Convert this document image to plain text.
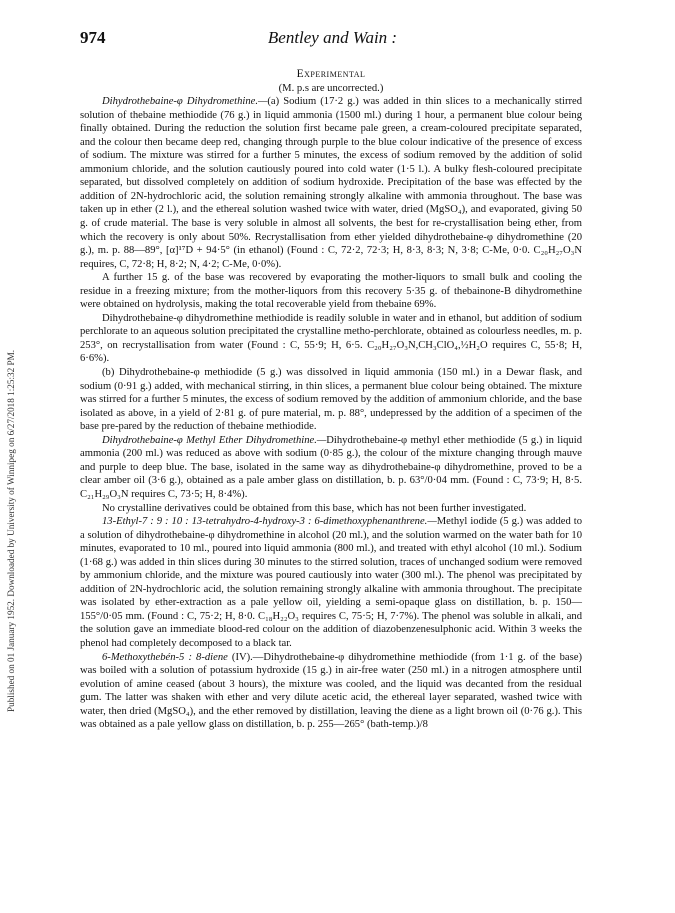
Published on 01 January 1952. Downloaded by University of Winnipeg on 6/27/2018 1:25:32 PM.
974	Bentley and Wain :

Experimental

(M. p.s are uncorrected.)

Dihydrothebaine-φ Dihydromethine.—(a) Sodium (17·2 g.) was added in thin slices to a mechanically stirred solution of thebaine methiodide (76 g.) in liquid ammonia (1500 ml.) during 1 hour, a permanent blue colour being finally obtained. During the reduction the solution first became pale green, a cream-coloured precipitate separated, and the colour then became deep red, changing through purple to the blue colour indicative of the presence of excess of sodium. The mixture was stirred for a further 5 minutes, the excess of sodium removed by the addition of solid ammonium chloride, and the solution cautiously poured into cold water (1·5 l.). A bulky flesh-coloured precipitate separated, but dissolved completely on addition of sodium hydroxide. Precipitation of the base was effected by the addition of 2N-hydrochloric acid, the solution remaining strongly alkaline with ammonia throughout. The base was taken up in ether (2 l.), and the ethereal solution washed twice with water, dried (MgSO₄), and evaporated, giving 50 g. of crude material. The base is very soluble in almost all solvents, the best for re-crystallisation being ether, from which the recovery is only about 50%. Recrystallisation from ether yielded dihydrothebaine-φ dihydromethine (20 g.), m. p. 88—89°, [α]¹⁷D + 94·5° (in ethanol) (Found : C, 72·2, 72·3; H, 8·3, 8·3; N, 3·8; C-Me, 0·0. C₂₀H₂₇O₃N requires, C, 72·8; H, 8·2; N, 4·2; C-Me, 0·0%).

A further 15 g. of the base was recovered by evaporating the mother-liquors to small bulk and cooling the residue in a freezing mixture; from the mother-liquors from this recovery 5·35 g. of thebainone-B dihydromethine were obtained on hydrolysis, making the total recoverable yield from thebaine 69%.

Dihydrothebaine-φ dihydromethine methiodide is readily soluble in water and in ethanol, but addition of sodium perchlorate to an aqueous solution precipitated the crystalline metho-perchlorate, obtained as colourless needles, m. p. 253°, on recrystallisation from water (Found : C, 55·9; H, 6·5. C₂₀H₂₇O₃N,CH₃ClO₄,½H₂O requires C, 55·8; H, 6·6%).

(b) Dihydrothebaine-φ methiodide (5 g.) was dissolved in liquid ammonia (150 ml.) in a Dewar flask, and sodium (0·91 g.) added, with mechanical stirring, in thin slices, a permanent blue colour being obtained. The mixture was stirred for a further 5 minutes, the excess of sodium removed by the addition of ammonium chloride, and the base isolated as above, in a yield of 2·81 g. of pure material, m. p. 88°, undepressed by the addition of a specimen of the base pre-pared by the reduction of thebaine methiodide.

Dihydrothebaine-φ Methyl Ether Dihydromethine.—Dihydrothebaine-φ methyl ether methiodide (5 g.) in liquid ammonia (200 ml.) was reduced as above with sodium (0·85 g.), the colour of the mixture changing through mauve and purple to deep blue. The base, isolated in the same way as dihydrothebaine-φ dihydromethine, proved to be a clear amber oil (3·6 g.), obtained as a pale amber glass on distillation, b. p. 63°/0·04 mm. (Found : C, 73·9; H, 8·5. C₂₁H₂₉O₃N requires C, 73·5; H, 8·4%).

No crystalline derivatives could be obtained from this base, which has not been further investigated.

13-Ethyl-7 : 9 : 10 : 13-tetrahydro-4-hydroxy-3 : 6-dimethoxyphenanthrene.—Methyl iodide (5 g.) was added to a solution of dihydrothebaine-φ dihydromethine in alcohol (20 ml.), and the solution warmed on the water bath for 10 minutes, evaporated to 10 ml., poured into liquid ammonia (800 ml.), and treated with ethyl alcohol (10 ml.). Sodium (1·68 g.) was added in thin slices during 30 minutes to the stirred solution, traces of unchanged sodium were removed by ammonium chloride, and the mixture was poured cautiously into water (300 ml.). The phenol was precipitated by addition of 2N-hydrochloric acid, the solution remaining strongly alkaline with ammonia throughout. The precipitate was isolated by ether-extraction as a pale yellow oil, yielding a semi-opaque glass on distillation, b. p. 150—155°/0·05 mm. (Found : C, 75·2; H, 8·0. C₁₈H₂₂O₃ requires C, 75·5; H, 7·7%). The phenol was soluble in alkali, and the solution gave an immediate blood-red colour on the addition of diazobenzenesulphonic acid. Within 3 weeks the phenol had completely decomposed to a black tar.

6-Methoxythebén-5 : 8-diene (IV).—Dihydrothebaine-φ dihydromethine methiodide (from 1·1 g. of the base) was boiled with a solution of potassium hydroxide (15 g.) in air-free water (250 ml.) in a nitrogen atmosphere until evolution of amine ceased (about 3 hours), the mixture was cooled, and the liquid was decanted from the residual gum. The latter was shaken with ether and very dilute acetic acid, the ethereal layer separated, washed twice with water, then dried (MgSO₄), and the ether removed by distillation, leaving the diene as a light brown oil (0·76 g.). This was obtained as a pale yellow glass on distillation, b. p. 255—265° (bath-temp.)/8
